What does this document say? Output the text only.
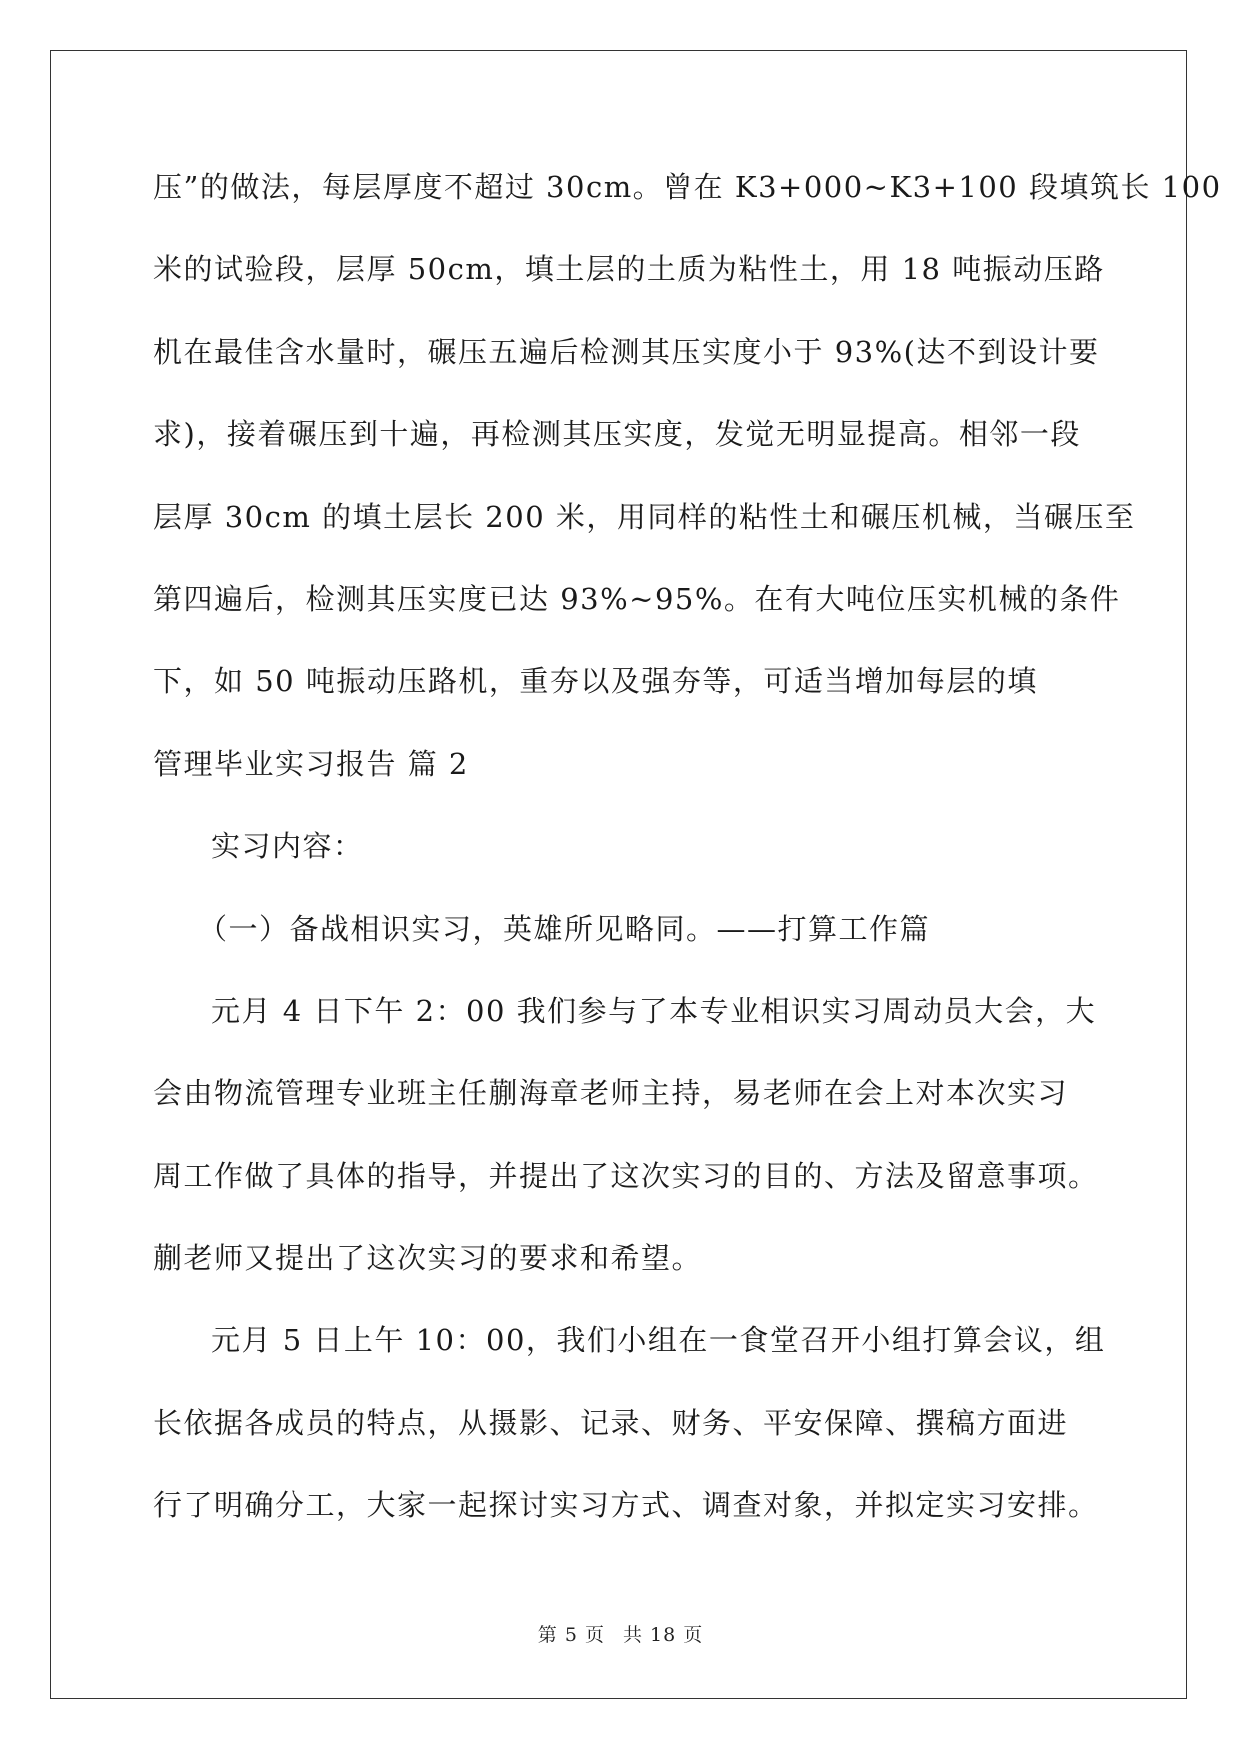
压”的做法，每层厚度不超过 30cm。曾在 K3+000~K3+100 段填筑长 100
米的试验段，层厚 50cm，填土层的土质为粘性土，用 18 吨振动压路
机在最佳含水量时，碾压五遍后检测其压实度小于 93%(达不到设计要
求)，接着碾压到十遍，再检测其压实度，发觉无明显提高。相邻一段
层厚 30cm 的填土层长 200 米，用同样的粘性土和碾压机械，当碾压至
第四遍后，检测其压实度已达 93%~95%。在有大吨位压实机械的条件
下，如 50 吨振动压路机，重夯以及强夯等，可适当增加每层的填
管理毕业实习报告 篇 2
实习内容：
（一）备战相识实习，英雄所见略同。——打算工作篇
元月 4 日下午 2：00 我们参与了本专业相识实习周动员大会，大
会由物流管理专业班主任蒯海章老师主持，易老师在会上对本次实习
周工作做了具体的指导，并提出了这次实习的目的、方法及留意事项。
蒯老师又提出了这次实习的要求和希望。
元月 5 日上午 10：00，我们小组在一食堂召开小组打算会议，组
长依据各成员的特点，从摄影、记录、财务、平安保障、撰稿方面进
行了明确分工，大家一起探讨实习方式、调查对象，并拟定实习安排。
第 5 页 共 18 页
